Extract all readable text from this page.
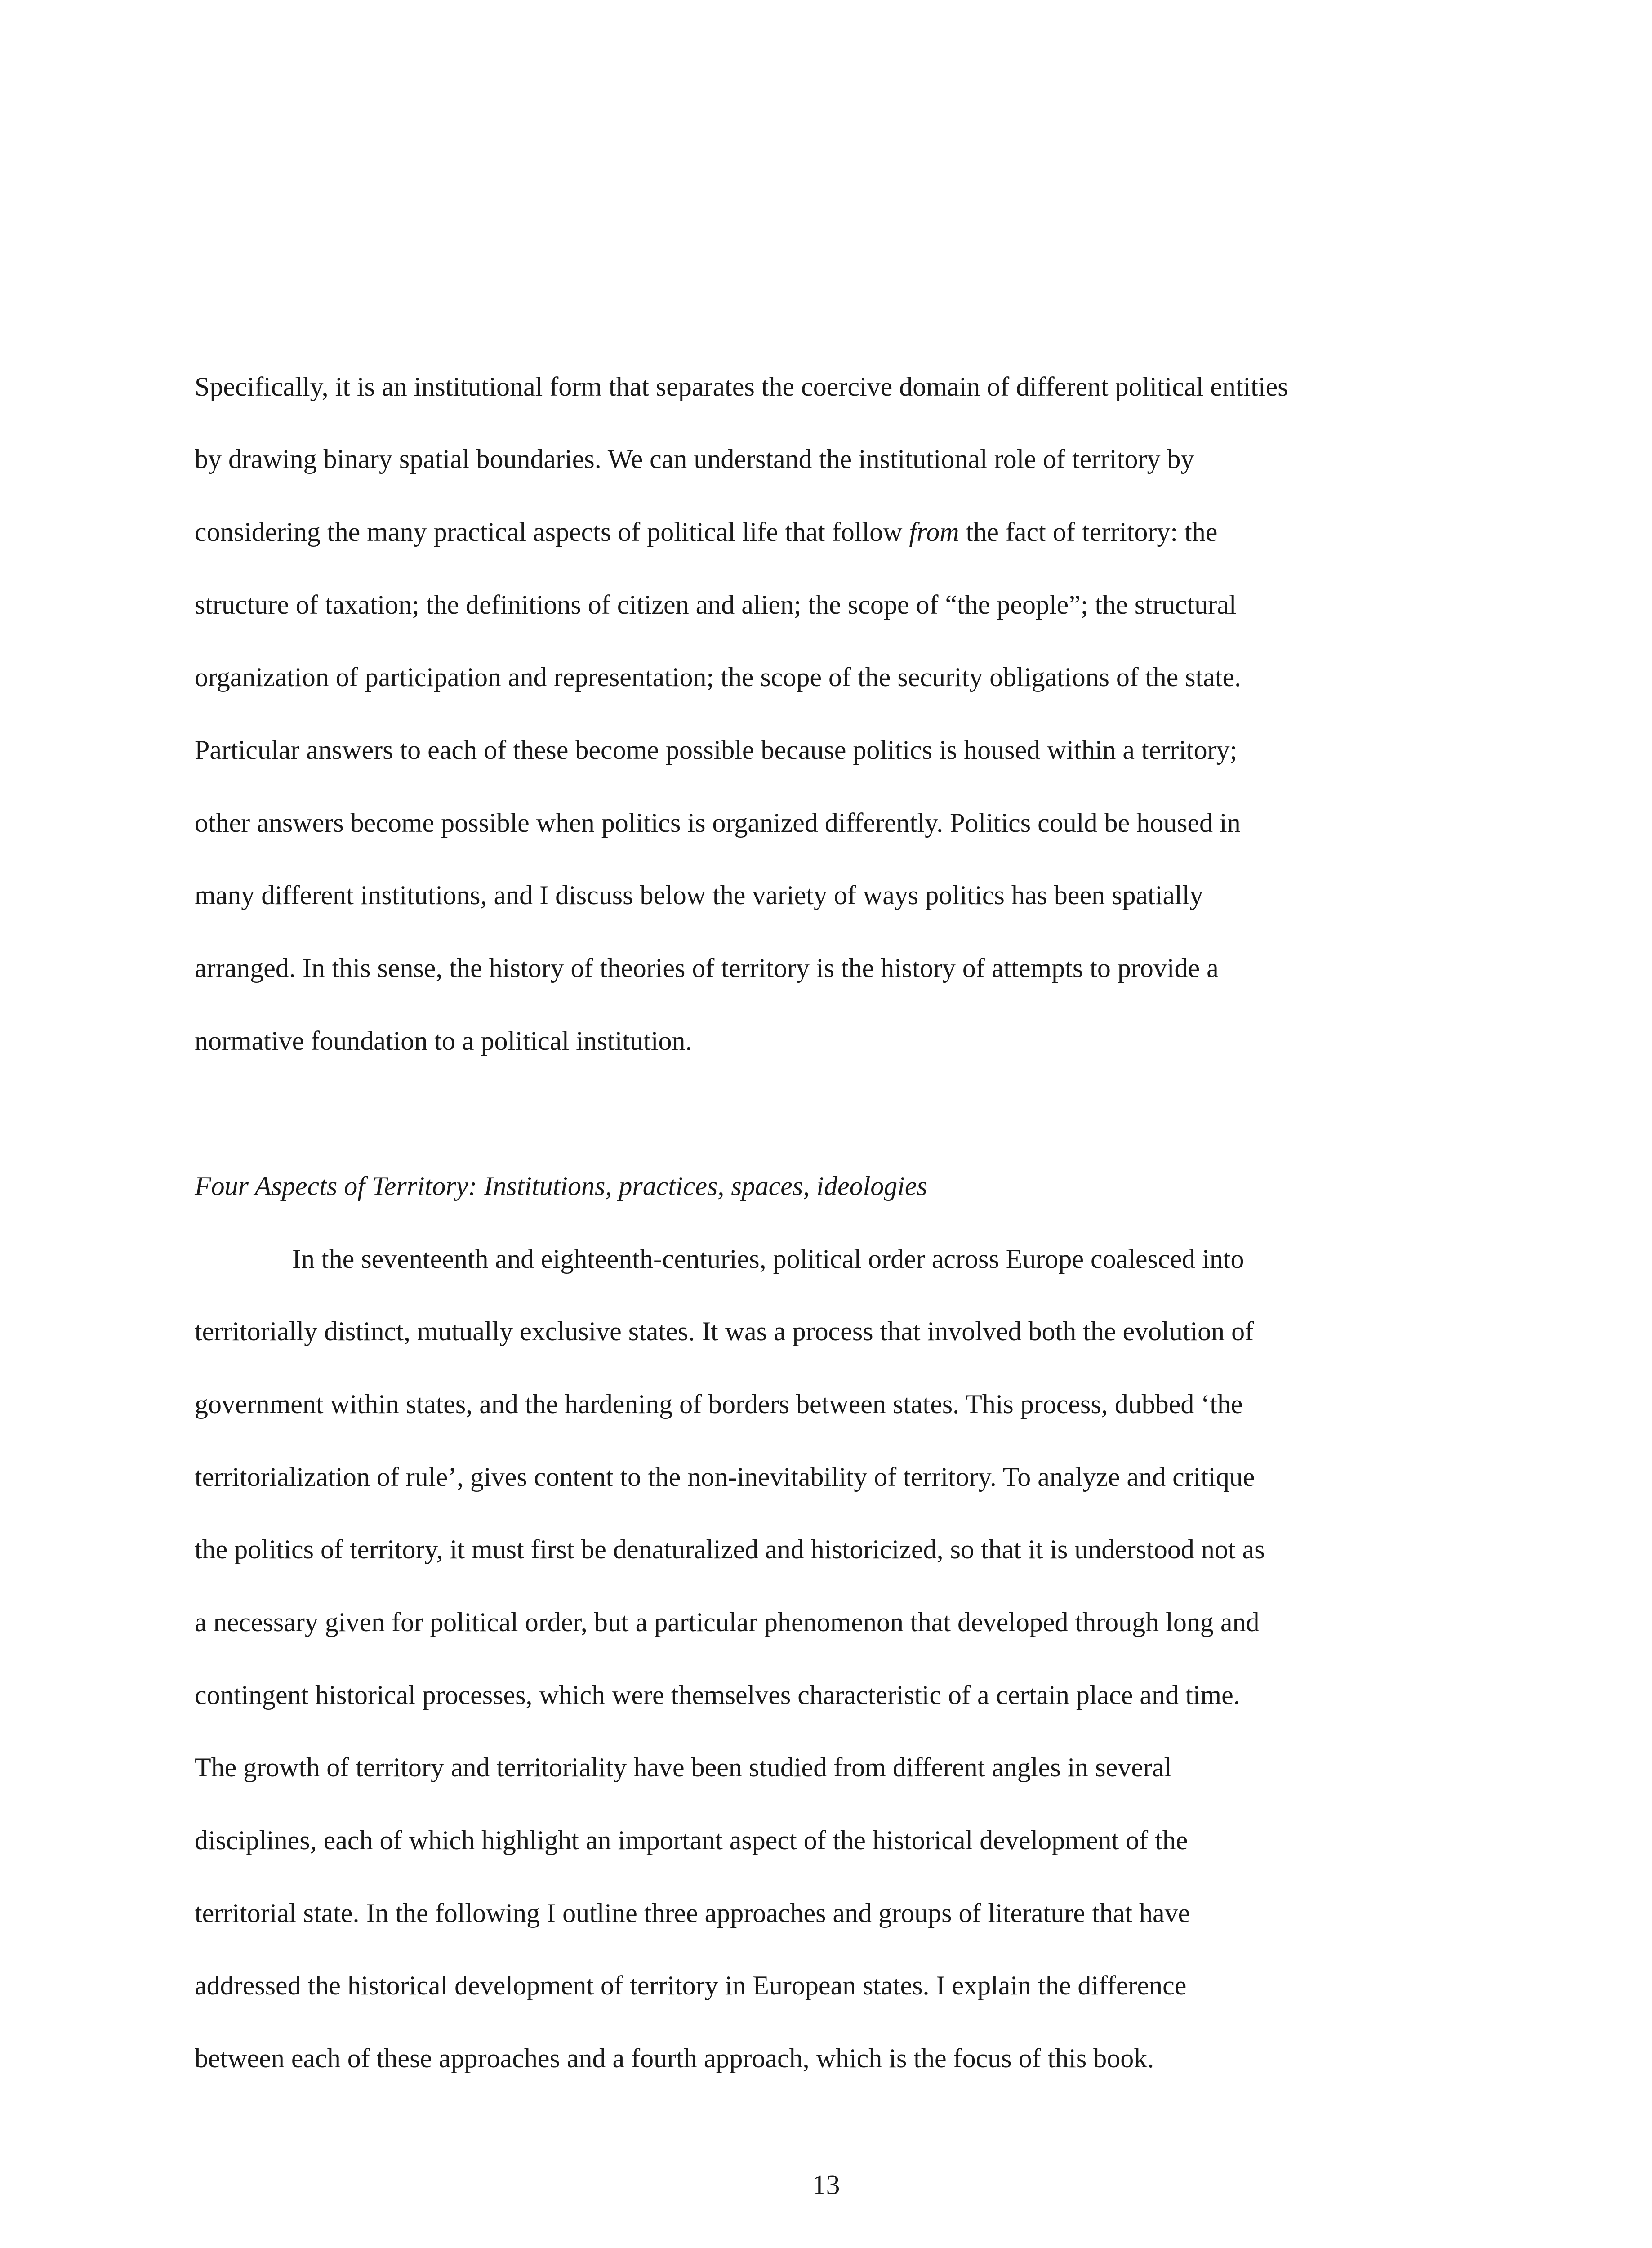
Specifically, it is an institutional form that separates the coercive domain of different political entities

by drawing binary spatial boundaries. We can understand the institutional role of territory by

considering the many practical aspects of political life that follow from the fact of territory: the

structure of taxation; the definitions of citizen and alien; the scope of “the people”; the structural

organization of participation and representation; the scope of the security obligations of the state.

Particular answers to each of these become possible because politics is housed within a territory;

other answers become possible when politics is organized differently. Politics could be housed in

many different institutions, and I discuss below the variety of ways politics has been spatially

arranged. In this sense, the history of theories of territory is the history of attempts to provide a

normative foundation to a political institution.

Four Aspects of Territory: Institutions, practices, spaces, ideologies

In the seventeenth and eighteenth-centuries, political order across Europe coalesced into

territorially distinct, mutually exclusive states. It was a process that involved both the evolution of

government within states, and the hardening of borders between states. This process, dubbed ‘the

territorialization of rule’, gives content to the non-inevitability of territory. To analyze and critique

the politics of territory, it must first be denaturalized and historicized, so that it is understood not as

a necessary given for political order, but a particular phenomenon that developed through long and

contingent historical processes, which were themselves characteristic of a certain place and time.

The growth of territory and territoriality have been studied from different angles in several

disciplines, each of which highlight an important aspect of the historical development of the

territorial state. In the following I outline three approaches and groups of literature that have

addressed the historical development of territory in European states. I explain the difference

between each of these approaches and a fourth approach, which is the focus of this book.

13
